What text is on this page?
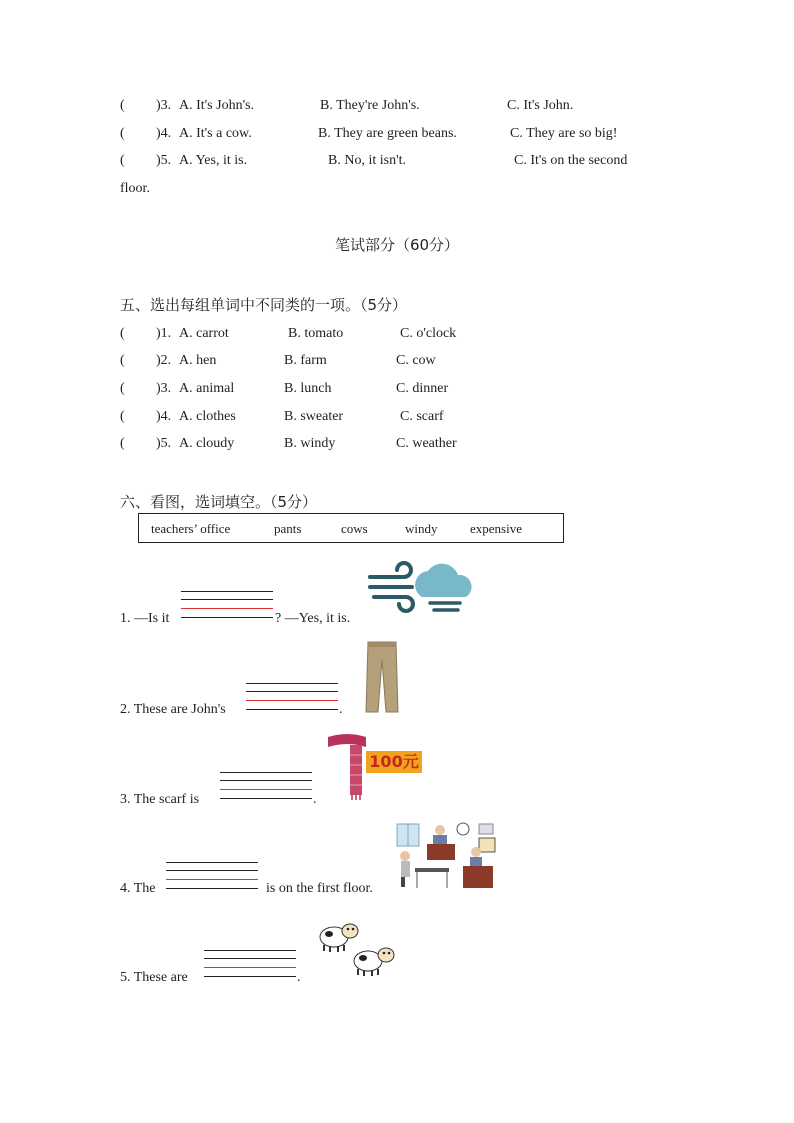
( )3. A. It's John's.	B. They're John's.	C. It's John.
( )4. A. It's a cow.	B. They are green beans.	C. They are so big!
( )5. A. Yes, it is.	B. No, it isn't.	C. It's on the second
floor.
笔试部分（60分）
五、选出每组单词中不同类的一项。（5分）
( )1. A. carrot	B. tomato	C. o'clock
( )2. A. hen	B. farm	C. cow
( )3. A. animal	B. lunch	C. dinner
( )4. A. clothes	B. sweater	C. scarf
( )5. A. cloudy	B. windy	C. weather
六、看图，选词填空。（5分）
teachers’ office	pants	cows	windy	expensive
1. —Is it	? —Yes, it is.
2. These are John's	.
3. The scarf is	.
100元
4. The	is on the first floor.
5. These are	.
